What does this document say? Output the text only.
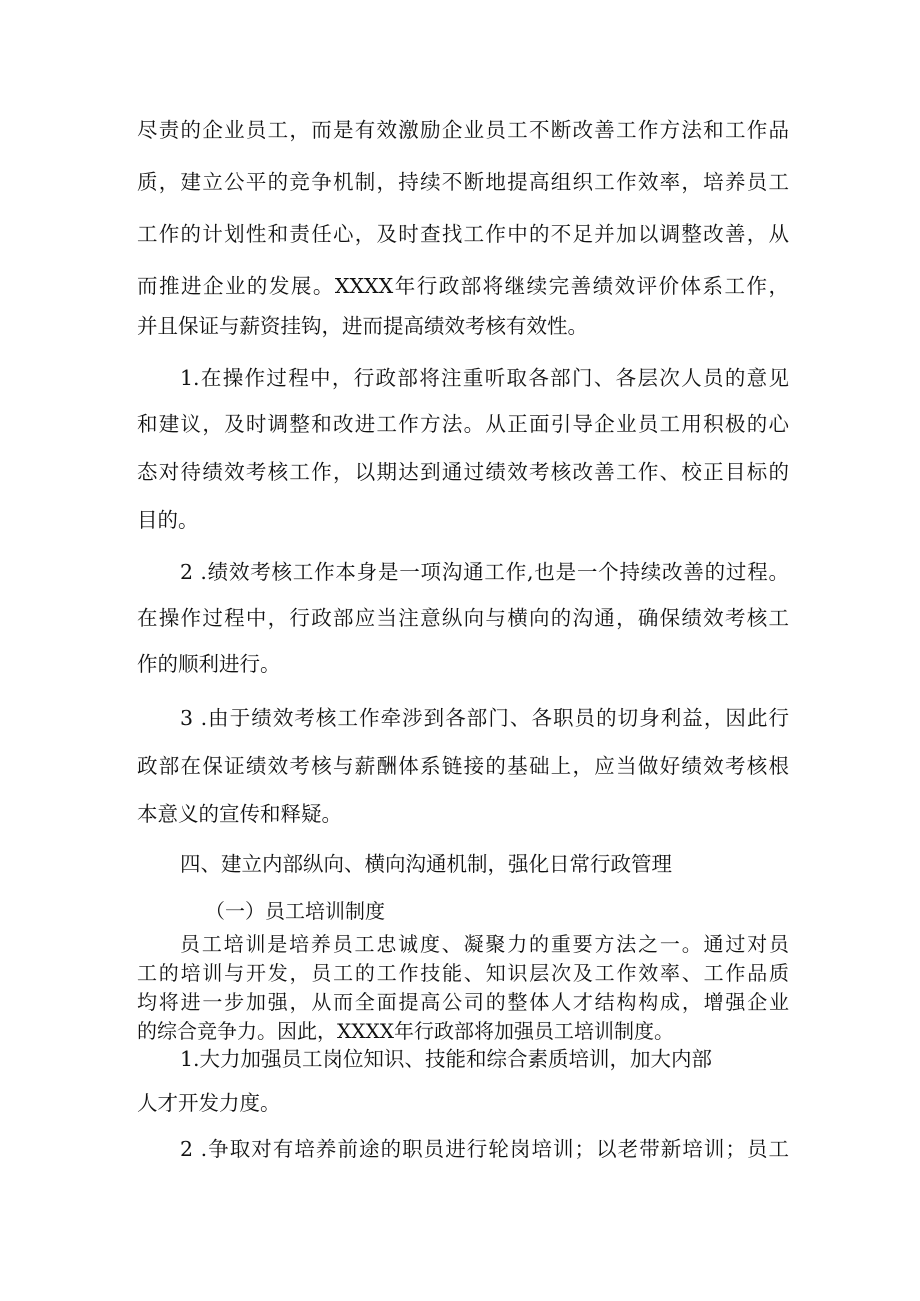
尽责的企业员工，而是有效激励企业员工不断改善工作方法和工作品
质，建立公平的竞争机制，持续不断地提高组织工作效率，培养员工
工作的计划性和责任心，及时查找工作中的不足并加以调整改善，从
而推进企业的发展。XXXX年行政部将继续完善绩效评价体系工作，
并且保证与薪资挂钩，进而提高绩效考核有效性。
1.在操作过程中，行政部将注重听取各部门、各层次人员的意见
和建议，及时调整和改进工作方法。从正面引导企业员工用积极的心
态对待绩效考核工作，以期达到通过绩效考核改善工作、校正目标的
目的。
2 .绩效考核工作本身是一项沟通工作,也是一个持续改善的过程。
在操作过程中，行政部应当注意纵向与横向的沟通，确保绩效考核工
作的顺利进行。
3 .由于绩效考核工作牵涉到各部门、各职员的切身利益，因此行
政部在保证绩效考核与薪酬体系链接的基础上，应当做好绩效考核根
本意义的宣传和释疑。
四、建立内部纵向、横向沟通机制，强化日常行政管理
（一）员工培训制度
员工培训是培养员工忠诚度、凝聚力的重要方法之一。通过对员
工的培训与开发，员工的工作技能、知识层次及工作效率、工作品质
均将进一步加强，从而全面提高公司的整体人才结构构成，增强企业
的综合竞争力。因此，XXXX年行政部将加强员工培训制度。
1.大力加强员工岗位知识、技能和综合素质培训，加大内部
人才开发力度。
2 .争取对有培养前途的职员进行轮岗培训；以老带新培训；员工
